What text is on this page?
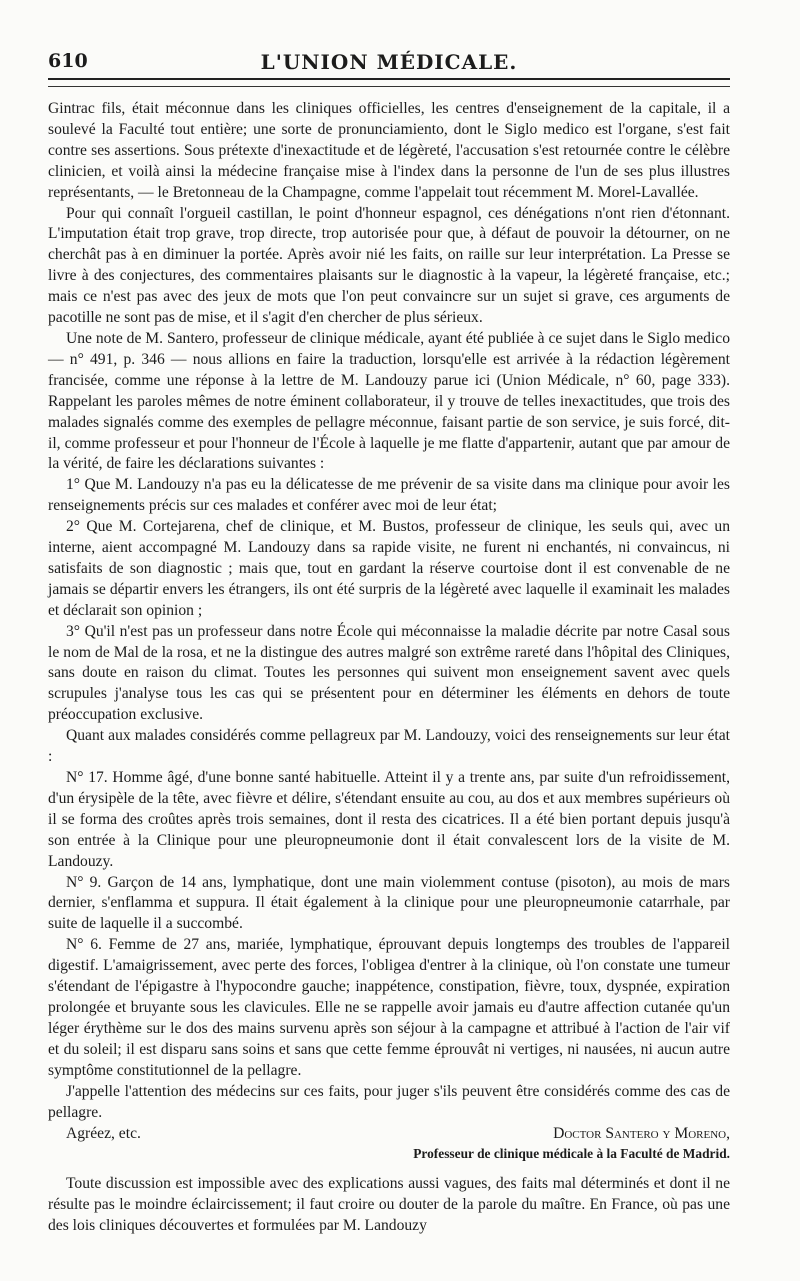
610	L'UNION MÉDICALE.

Gintrac fils, était méconnue dans les cliniques officielles, les centres d'enseignement de la capitale, il a soulevé la Faculté tout entière; une sorte de pronunciamiento, dont le Siglo medico est l'organe, s'est fait contre ses assertions. Sous prétexte d'inexactitude et de légèreté, l'accusation s'est retournée contre le célèbre clinicien, et voilà ainsi la médecine française mise à l'index dans la personne de l'un de ses plus illustres représentants, — le Bretonneau de la Champagne, comme l'appelait tout récemment M. Morel-Lavallée.

Pour qui connaît l'orgueil castillan, le point d'honneur espagnol, ces dénégations n'ont rien d'étonnant. L'imputation était trop grave, trop directe, trop autorisée pour que, à défaut de pouvoir la détourner, on ne cherchât pas à en diminuer la portée. Après avoir nié les faits, on raille sur leur interprétation. La Presse se livre à des conjectures, des commentaires plaisants sur le diagnostic à la vapeur, la légèreté française, etc.; mais ce n'est pas avec des jeux de mots que l'on peut convaincre sur un sujet si grave, ces arguments de pacotille ne sont pas de mise, et il s'agit d'en chercher de plus sérieux.

Une note de M. Santero, professeur de clinique médicale, ayant été publiée à ce sujet dans le Siglo medico — n° 491, p. 346 — nous allions en faire la traduction, lorsqu'elle est arrivée à la rédaction légèrement francisée, comme une réponse à la lettre de M. Landouzy parue ici (Union Médicale, n° 60, page 333). Rappelant les paroles mêmes de notre éminent collaborateur, il y trouve de telles inexactitudes, que trois des malades signalés comme des exemples de pellagre méconnue, faisant partie de son service, je suis forcé, dit-il, comme professeur et pour l'honneur de l'École à laquelle je me flatte d'appartenir, autant que par amour de la vérité, de faire les déclarations suivantes :

1° Que M. Landouzy n'a pas eu la délicatesse de me prévenir de sa visite dans ma clinique pour avoir les renseignements précis sur ces malades et conférer avec moi de leur état;

2° Que M. Cortejarena, chef de clinique, et M. Bustos, professeur de clinique, les seuls qui, avec un interne, aient accompagné M. Landouzy dans sa rapide visite, ne furent ni enchantés, ni convaincus, ni satisfaits de son diagnostic ; mais que, tout en gardant la réserve courtoise dont il est convenable de ne jamais se départir envers les étrangers, ils ont été surpris de la légèreté avec laquelle il examinait les malades et déclarait son opinion ;

3° Qu'il n'est pas un professeur dans notre École qui méconnaisse la maladie décrite par notre Casal sous le nom de Mal de la rosa, et ne la distingue des autres malgré son extrême rareté dans l'hôpital des Cliniques, sans doute en raison du climat. Toutes les personnes qui suivent mon enseignement savent avec quels scrupules j'analyse tous les cas qui se présentent pour en déterminer les éléments en dehors de toute préoccupation exclusive.

Quant aux malades considérés comme pellagreux par M. Landouzy, voici des renseignements sur leur état :

N° 17. Homme âgé, d'une bonne santé habituelle. Atteint il y a trente ans, par suite d'un refroidissement, d'un érysipèle de la tête, avec fièvre et délire, s'étendant ensuite au cou, au dos et aux membres supérieurs où il se forma des croûtes après trois semaines, dont il resta des cicatrices. Il a été bien portant depuis jusqu'à son entrée à la Clinique pour une pleuropneumonie dont il était convalescent lors de la visite de M. Landouzy.

N° 9. Garçon de 14 ans, lymphatique, dont une main violemment contuse (pisoton), au mois de mars dernier, s'enflamma et suppura. Il était également à la clinique pour une pleuropneumonie catarrhale, par suite de laquelle il a succombé.

N° 6. Femme de 27 ans, mariée, lymphatique, éprouvant depuis longtemps des troubles de l'appareil digestif. L'amaigrissement, avec perte des forces, l'obligea d'entrer à la clinique, où l'on constate une tumeur s'étendant de l'épigastre à l'hypocondre gauche; inappétence, constipation, fièvre, toux, dyspnée, expiration prolongée et bruyante sous les clavicules. Elle ne se rappelle avoir jamais eu d'autre affection cutanée qu'un léger érythème sur le dos des mains survenu après son séjour à la campagne et attribué à l'action de l'air vif et du soleil; il est disparu sans soins et sans que cette femme éprouvât ni vertiges, ni nausées, ni aucun autre symptôme constitutionnel de la pellagre.

J'appelle l'attention des médecins sur ces faits, pour juger s'ils peuvent être considérés comme des cas de pellagre.

Agréez, etc.	Doctor Santero y Moreno,
Professeur de clinique médicale à la Faculté de Madrid.

Toute discussion est impossible avec des explications aussi vagues, des faits mal déterminés et dont il ne résulte pas le moindre éclaircissement; il faut croire ou douter de la parole du maître. En France, où pas une des lois cliniques découvertes et formulées par M. Landouzy
